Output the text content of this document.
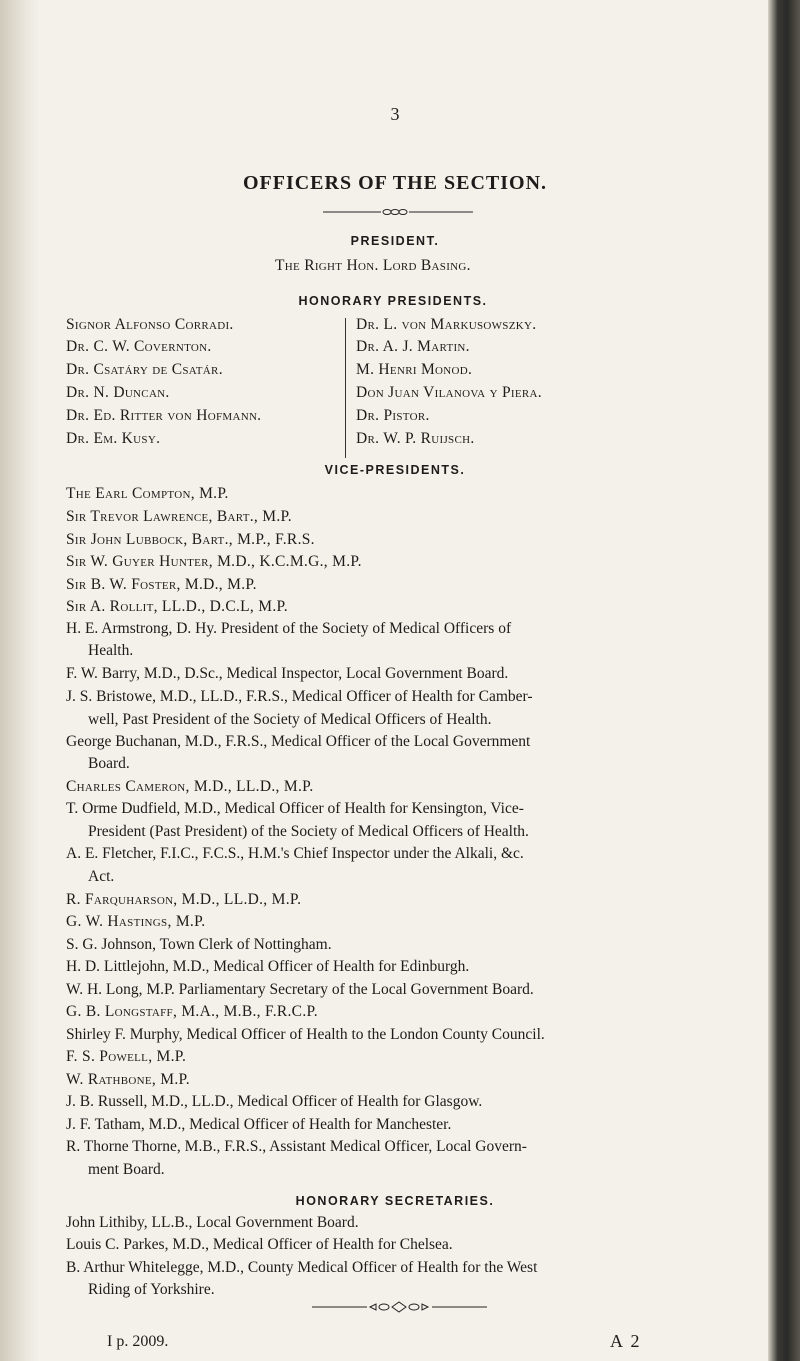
3
OFFICERS OF THE SECTION.
PRESIDENT.
The Right Hon. Lord Basing.
HONORARY PRESIDENTS.
Signor Alfonso Corradi.
Dr. C. W. Covernton.
Dr. Csatáry de Csatár.
Dr. N. Duncan.
Dr. Ed. Ritter von Hofmann.
Dr. Em. Kusy.
Dr. L. von Markusowszky.
Dr. A. J. Martin.
M. Henri Monod.
Don Juan Vilanova y Piera.
Dr. Pistor.
Dr. W. P. Ruijsch.
VICE-PRESIDENTS.
The Earl Compton, M.P.
Sir Trevor Lawrence, Bart., M.P.
Sir John Lubbock, Bart., M.P., F.R.S.
Sir W. Guyer Hunter, M.D., K.C.M.G., M.P.
Sir B. W. Foster, M.D., M.P.
Sir A. Rollit, LL.D., D.C.L, M.P.
H. E. Armstrong, D. Hy. President of the Society of Medical Officers of
Health.
F. W. Barry, M.D., D.Sc., Medical Inspector, Local Government Board.
J. S. Bristowe, M.D., LL.D., F.R.S., Medical Officer of Health for Camber-
well, Past President of the Society of Medical Officers of Health.
George Buchanan, M.D., F.R.S., Medical Officer of the Local Government
Board.
Charles Cameron, M.D., LL.D., M.P.
T. Orme Dudfield, M.D., Medical Officer of Health for Kensington, Vice-
President (Past President) of the Society of Medical Officers of Health.
A. E. Fletcher, F.I.C., F.C.S., H.M.'s Chief Inspector under the Alkali, &c.
Act.
R. Farquharson, M.D., LL.D., M.P.
G. W. Hastings, M.P.
S. G. Johnson, Town Clerk of Nottingham.
H. D. Littlejohn, M.D., Medical Officer of Health for Edinburgh.
W. H. Long, M.P. Parliamentary Secretary of the Local Government Board.
G. B. Longstaff, M.A., M.B., F.R.C.P.
Shirley F. Murphy, Medical Officer of Health to the London County Council.
F. S. Powell, M.P.
W. Rathbone, M.P.
J. B. Russell, M.D., LL.D., Medical Officer of Health for Glasgow.
J. F. Tatham, M.D., Medical Officer of Health for Manchester.
R. Thorne Thorne, M.B., F.R.S., Assistant Medical Officer, Local Govern-
ment Board.
HONORARY SECRETARIES.
John Lithiby, LL.B., Local Government Board.
Louis C. Parkes, M.D., Medical Officer of Health for Chelsea.
B. Arthur Whitelegge, M.D., County Medical Officer of Health for the West
Riding of Yorkshire.
I p. 2009.	A 2
